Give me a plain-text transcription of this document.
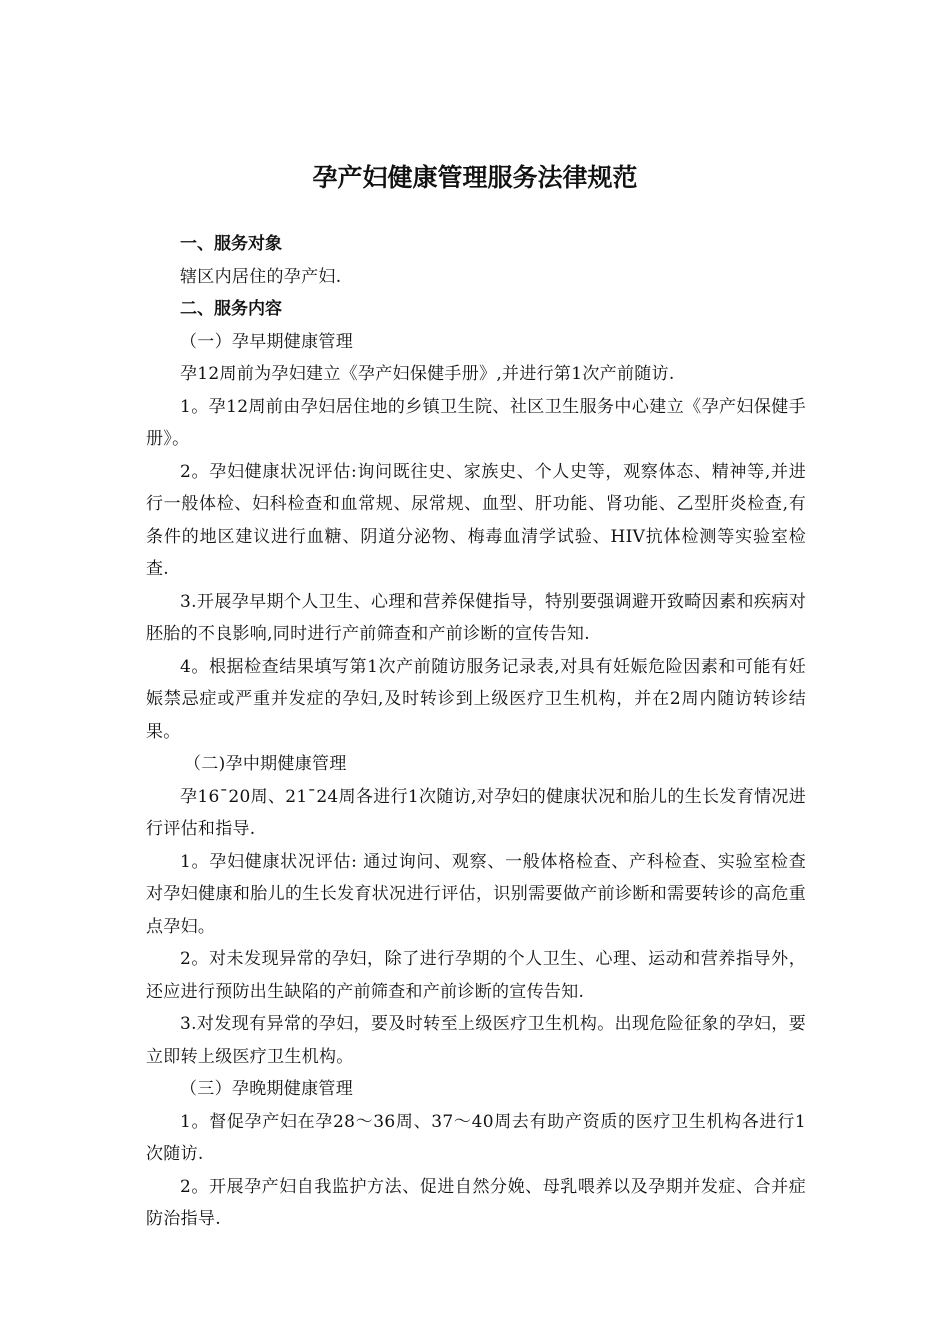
孕产妇健康管理服务法律规范

一、服务对象

辖区内居住的孕产妇.

二、服务内容

（一）孕早期健康管理

孕12周前为孕妇建立《孕产妇保健手册》,并进行第1次产前随访.

1。孕12周前由孕妇居住地的乡镇卫生院、社区卫生服务中心建立《孕产妇保健手册》。

2。孕妇健康状况评估:询问既往史、家族史、个人史等，观察体态、精神等,并进行一般体检、妇科检查和血常规、尿常规、血型、肝功能、肾功能、乙型肝炎检查,有条件的地区建议进行血糖、阴道分泌物、梅毒血清学试验、HIV抗体检测等实验室检查.

3.开展孕早期个人卫生、心理和营养保健指导，特别要强调避开致畸因素和疾病对胚胎的不良影响,同时进行产前筛查和产前诊断的宣传告知.

4。根据检查结果填写第1次产前随访服务记录表,对具有妊娠危险因素和可能有妊娠禁忌症或严重并发症的孕妇,及时转诊到上级医疗卫生机构，并在2周内随访转诊结果。

（二)孕中期健康管理

孕16¯20周、21¯24周各进行1次随访,对孕妇的健康状况和胎儿的生长发育情况进行评估和指导.

1。孕妇健康状况评估: 通过询问、观察、一般体格检查、产科检查、实验室检查对孕妇健康和胎儿的生长发育状况进行评估，识别需要做产前诊断和需要转诊的高危重点孕妇。

2。对未发现异常的孕妇，除了进行孕期的个人卫生、心理、运动和营养指导外，还应进行预防出生缺陷的产前筛查和产前诊断的宣传告知.

3.对发现有异常的孕妇，要及时转至上级医疗卫生机构。出现危险征象的孕妇，要立即转上级医疗卫生机构。

（三）孕晚期健康管理

1。督促孕产妇在孕28～36周、37～40周去有助产资质的医疗卫生机构各进行1次随访.

2。开展孕产妇自我监护方法、促进自然分娩、母乳喂养以及孕期并发症、合并症防治指导.
